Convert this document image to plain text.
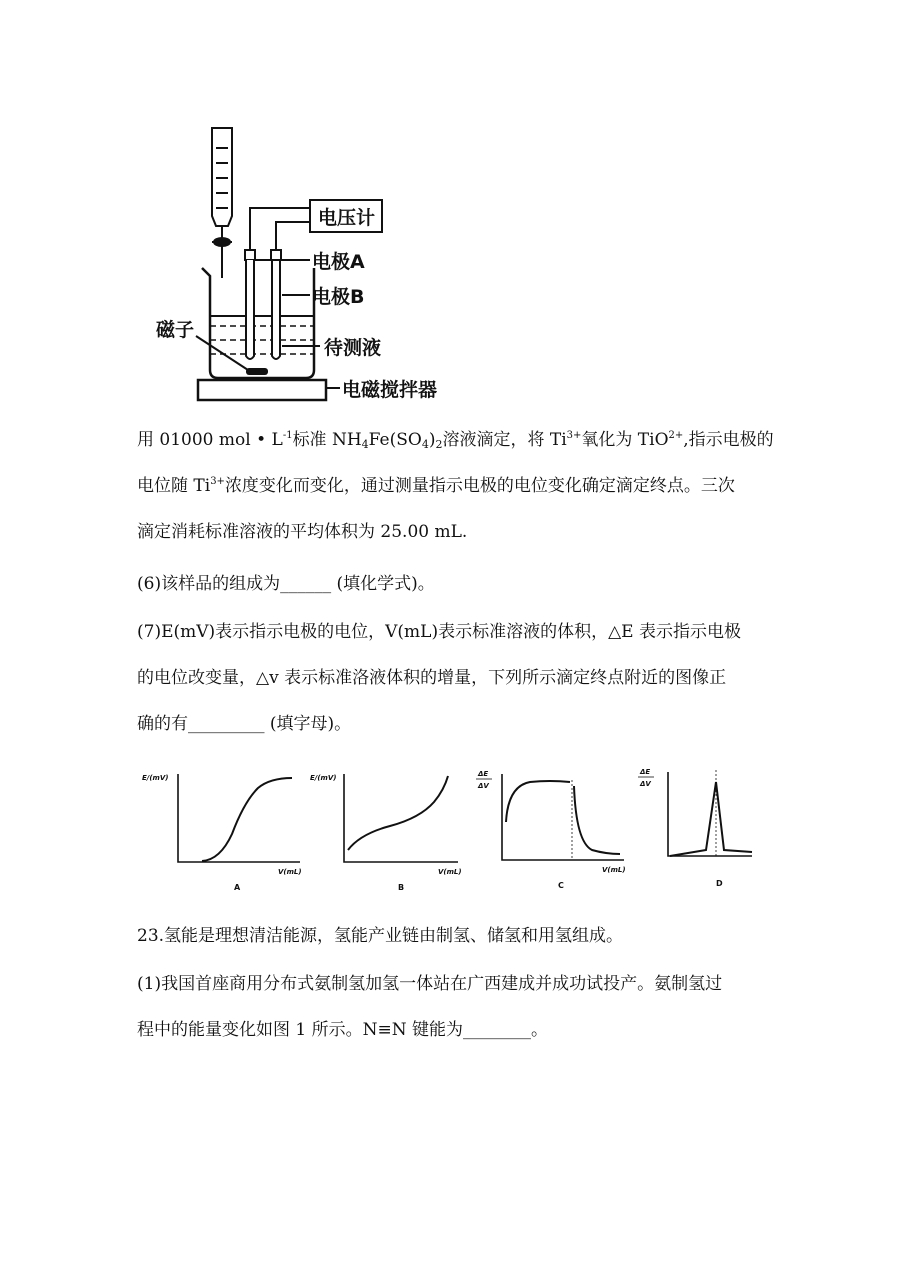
电压计
电极A
电极B
磁子
待测液
电磁搅拌器
用 01000 mol • $L^{-1}$标准 $NH_4Fe(SO_4)_2$溶液滴定，将 $Ti^{3+}$氧化为 TiO$^{2+}$,指示电极的
电位随 $Ti^{3+}$浓度变化而变化，通过测量指示电极的电位变化确定滴定终点。三次
滴定消耗标准溶液的平均体积为 25.00 mL.
(6)该样品的组成为______ (填化学式)。
(7)E(mV)表示指示电极的电位，V(mL)表示标准溶液的体积，△E 表示指示电极
的电位改变量，△v 表示标准洛液体积的增量，下列所示滴定终点附近的图像正
确的有_________ (填字母)。
E/(mV)
V(mL)
A
E/(mV)
V(mL)
B
ΔE
ΔV
V(mL)
C
ΔE
ΔV
D
23.氢能是理想清洁能源，氢能产业链由制氢、储氢和用氢组成。
(1)我国首座商用分布式氨制氢加氢一体站在广西建成并成功试投产。氨制氢过
程中的能量变化如图 1 所示。N≡N 键能为________。
